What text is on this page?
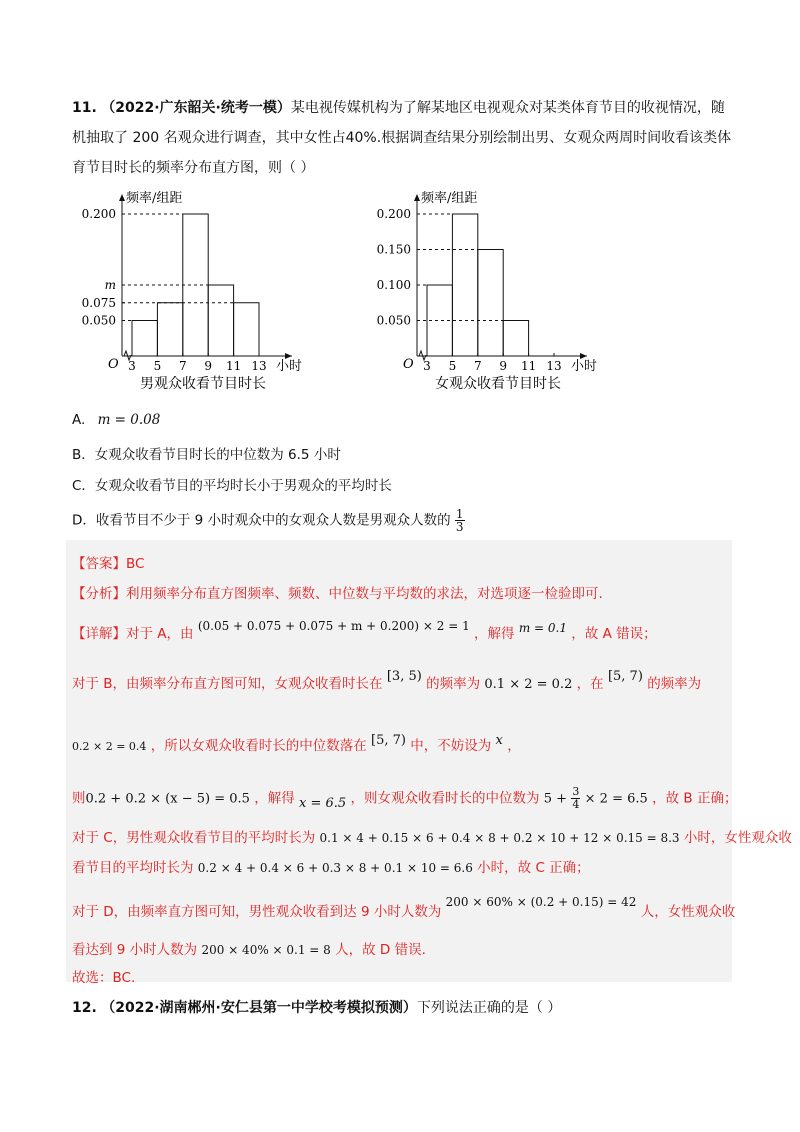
11. （2022·广东韶关·统考一模）某电视传媒机构为了解某地区电视观众对某类体育节目的收视情况，随
机抽取了 200 名观众进行调查，其中女性占40%.根据调查结果分别绘制出男、女观众两周时间收看该类体
育节目时长的频率分布直方图，则（ ）
O
频率/组距
小时
3 5 7 9 11 13
0.200
m
0.075
0.050
男观众收看节目时长
O
频率/组距
小时
3 5 7 9 11 13
0.200
0.150
0.100
0.050
女观众收看节目时长
A. m = 0.08
B．女观众收看节目时长的中位数为 6.5 小时
C．女观众收看节目的平均时长小于男观众的平均时长
D．收看节目不少于 9 小时观众中的女观众人数是男观众人数的 $\frac{1}{3}$
【答案】BC
【分析】利用频率分布直方图频率、频数、中位数与平均数的求法，对选项逐一检验即可.
【详解】对于 A，由 (0.05 + 0.075 + 0.075 + m + 0.200) × 2 = 1 ，解得 m = 0.1 ，故 A 错误；
对于 B，由频率分布直方图可知，女观众收看时长在 [3, 5) 的频率为 0.1 × 2 = 0.2 ，在 [5, 7) 的频率为
0.2 × 2 = 0.4 ，所以女观众收看时长的中位数落在 [5, 7) 中，不妨设为 x ，
则0.2 + 0.2 × (x − 5) = 0.5 ，解得 x = 6.5 ，则女观众收看时长的中位数为 $5 + \frac{3}{4} \times 2 = 6.5$ ，故 B 正确；
对于 C，男性观众收看节目的平均时长为 0.1 × 4 + 0.15 × 6 + 0.4 × 8 + 0.2 × 10 + 12 × 0.15 = 8.3 小时，女性观众收
看节目的平均时长为 0.2 × 4 + 0.4 × 6 + 0.3 × 8 + 0.1 × 10 = 6.6 小时，故 C 正确；
对于 D，由频率直方图可知，男性观众收看到达 9 小时人数为 200 × 60% × (0.2 + 0.15) = 42 人，女性观众收
看达到 9 小时人数为 200 × 40% × 0.1 = 8 人，故 D 错误.
故选：BC.
12. （2022·湖南郴州·安仁县第一中学校考模拟预测）下列说法正确的是（ ）
